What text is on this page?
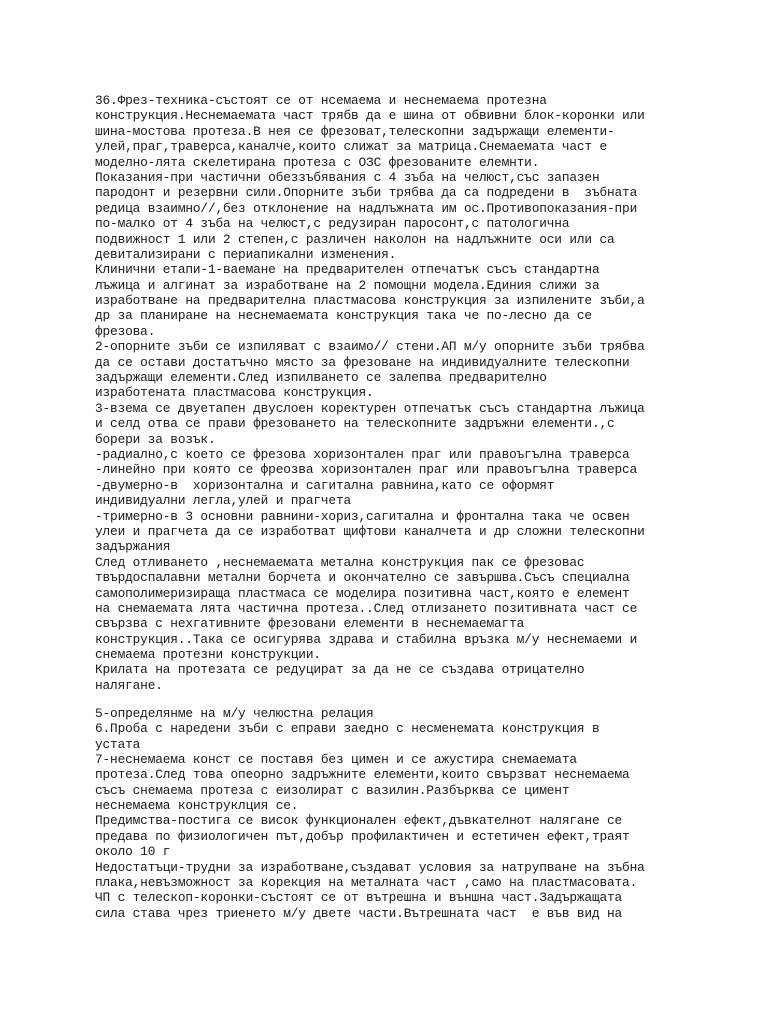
36.Фрез-техника-състоят се от нсемаема и неснемаема протезна
конструкция.Неснемаемата част трябв да е шина от обвивни блок-коронки или
шина-мостова протеза.В нея се фрезоват,телескопни задържащи елементи-
улей,праг,траверса,каналче,които слижат за матрица.Снемаемата част е
моделно-лята скелетирана протеза с ОЗС фрезованите елемнти.
Показания-при частични обеззъбявания с 4 зъба на челюст,със запазен
пародонт и резервни сили.Опорните зъби трябва да са подредени в  зъбната
редица взаимно//,без отклонение на надлъжната им ос.Противопоказания-при
по-малко от 4 зъба на челюст,с редузиран паросонт,с патологична
подвижност 1 или 2 степен,с различен наколон на надлъжните оси или са
девитализирани с периапикални изменения.
Клинични етапи-1-ваемане на предварителен отпечатък съсъ стандартна
лъжица и алгинат за изработване на 2 помощни модела.Единия слижи за
изработване на предварителна пластмасова конструкция за изпилените зъби,а
др за планиране на неснемаемата конструкция така че по-лесно да се
фрезова.
2-опорните зъби се изпиляват с взаимо// стени.АП м/у опорните зъби трябва
да се остави достатъчно място за фрезоване на индивидуалните телескопни
задържащи елементи.След изпилването се залепва предварително
изработената пластмасова конструкция.
3-взема се двуетапен двуслоен коректурен отпечатък съсъ стандартна лъжица
и селд отва се прави фрезоването на телескопните задръжни елементи.,с
борери за возък.
-радиално,с което се фрезова хоризонтален праг или правоъгълна траверса
-линейно при която се фреозва хоризонтален праг или правоъгълна траверса
-двумерно-в  хоризонтална и сагитална равнина,като се оформят
индивидуални легла,улей и прагчета
-тримерно-в 3 основни равнини-хориз,сагитална и фронтална така че освен
улеи и прагчета да се изработват щифтови каналчета и др сложни телескопни
задържания
След отливането ,неснемаемата метална конструкция пак се фрезовас
твърдоспалавни метални борчета и окончателно се завършва.Съсъ специална
самополимеризираща пластмаса се моделира позитивна част,която е елемент
на снемаемата лята частична протеза..След отлизането позитивната част се
свързва с нехгативните фрезовани елементи в неснемаемагта
конструкция..Така се осигурява здрава и стабилна връзка м/у неснемаеми и
снемаема протезни конструкции.
Крилата на протезата се редуцират за да не се създава отрицателно
налягане.
5-определянме на м/у челюстна релация
6.Проба с наредени зъби с еправи заедно с несменемата конструкция в
устата
7-неснемаема конст се поставя без цимен и се ажустира снемаемата
протеза.След това опеорно задръжните елементи,които свързват неснемаема
съсъ снемаема протеза с еизолират с вазилин.Разбърква се цимент
неснемаема конструклция се.
Предимства-постига се висок функционален ефект,дъвкателнот налягане се
предава по физиологичен път,добър профилактичен и естетичен ефект,траят
около 10 г
Недостатъци-трудни за изработване,създават условия за натрупване на зъбна
плака,невъзможност за корекция на металната част ,само на пластмасовата.
ЧП с телескоп-коронки-състоят се от вътрешна и външна част.Задържащата
сила става чрез триенето м/у двете части.Вътрешната част  е във вид на
